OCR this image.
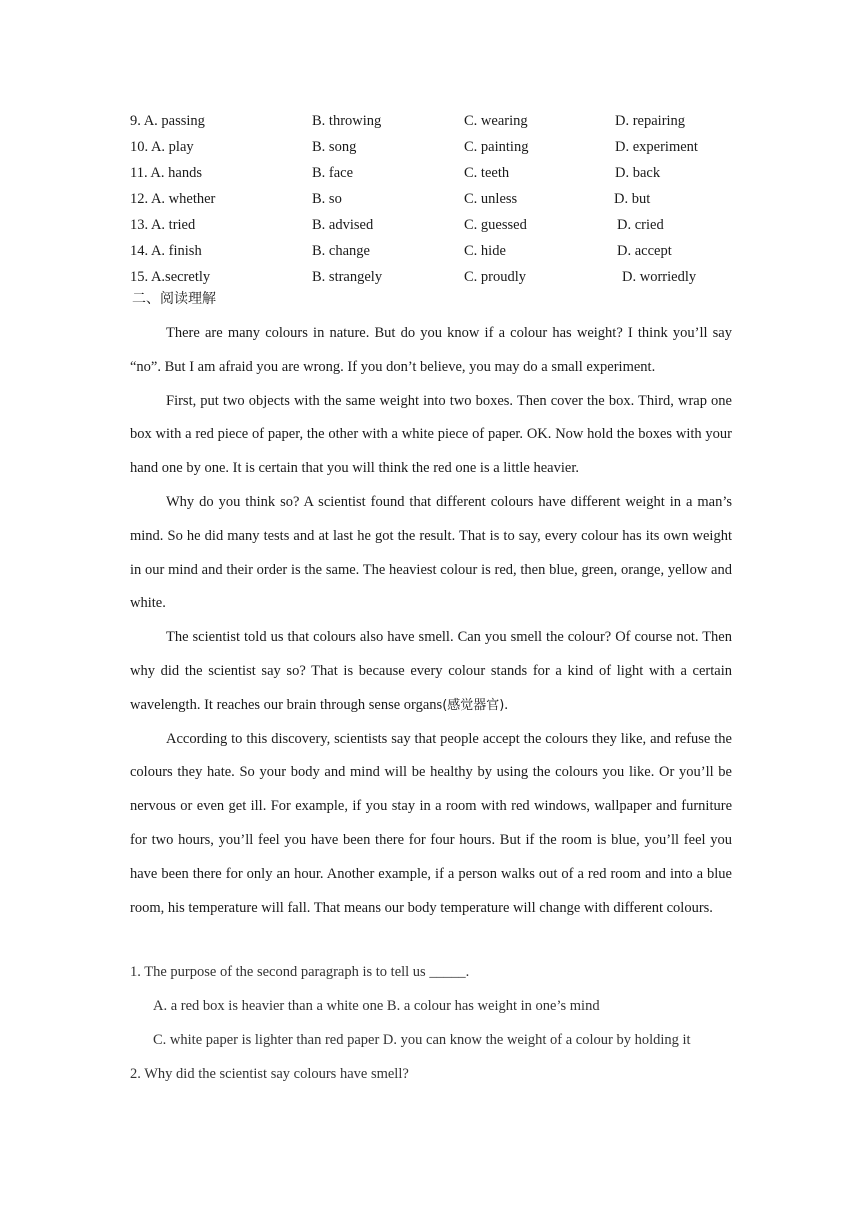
9. A. passing	B. throwing	C. wearing	D. repairing
10. A. play	B. song	C. painting	D. experiment
11. A. hands	B. face	C. teeth	D. back
12. A. whether	B. so	C. unless	D. but
13. A. tried	B. advised	C. guessed	D. cried
14. A. finish	B. change	C. hide	D. accept
15. A.secretly	B. strangely	C. proudly	D. worriedly
二、阅读理解

There are many colours in nature. But do you know if a colour has weight? I think you’ll say “no”. But I am afraid you are wrong. If you don’t believe, you may do a small experiment.

First, put two objects with the same weight into two boxes. Then cover the box. Third, wrap one box with a red piece of paper, the other with a white piece of paper. OK. Now hold the boxes with your hand one by one. It is certain that you will think the red one is a little heavier.

Why do you think so? A scientist found that different colours have different weight in a man’s mind. So he did many tests and at last he got the result. That is to say, every colour has its own weight in our mind and their order is the same. The heaviest colour is red, then blue, green, orange, yellow and white.

The scientist told us that colours also have smell. Can you smell the colour? Of course not. Then why did the scientist say so? That is because every colour stands for a kind of light with a certain wavelength. It reaches our brain through sense organs(感觉器官).

According to this discovery, scientists say that people accept the colours they like, and refuse the colours they hate. So your body and mind will be healthy by using the colours you like. Or you’ll be nervous or even get ill. For example, if you stay in a room with red windows, wallpaper and furniture for two hours, you’ll feel you have been there for four hours. But if the room is blue, you’ll feel you have been there for only an hour. Another example, if a person walks out of a red room and into a blue room, his temperature will fall. That means our body temperature will change with different colours.

1. The purpose of the second paragraph is to tell us _____.
A. a red box is heavier than a white one B. a colour has weight in one’s mind
C. white paper is lighter than red paper D. you can know the weight of a colour by holding it
2. Why did the scientist say colours have smell?
